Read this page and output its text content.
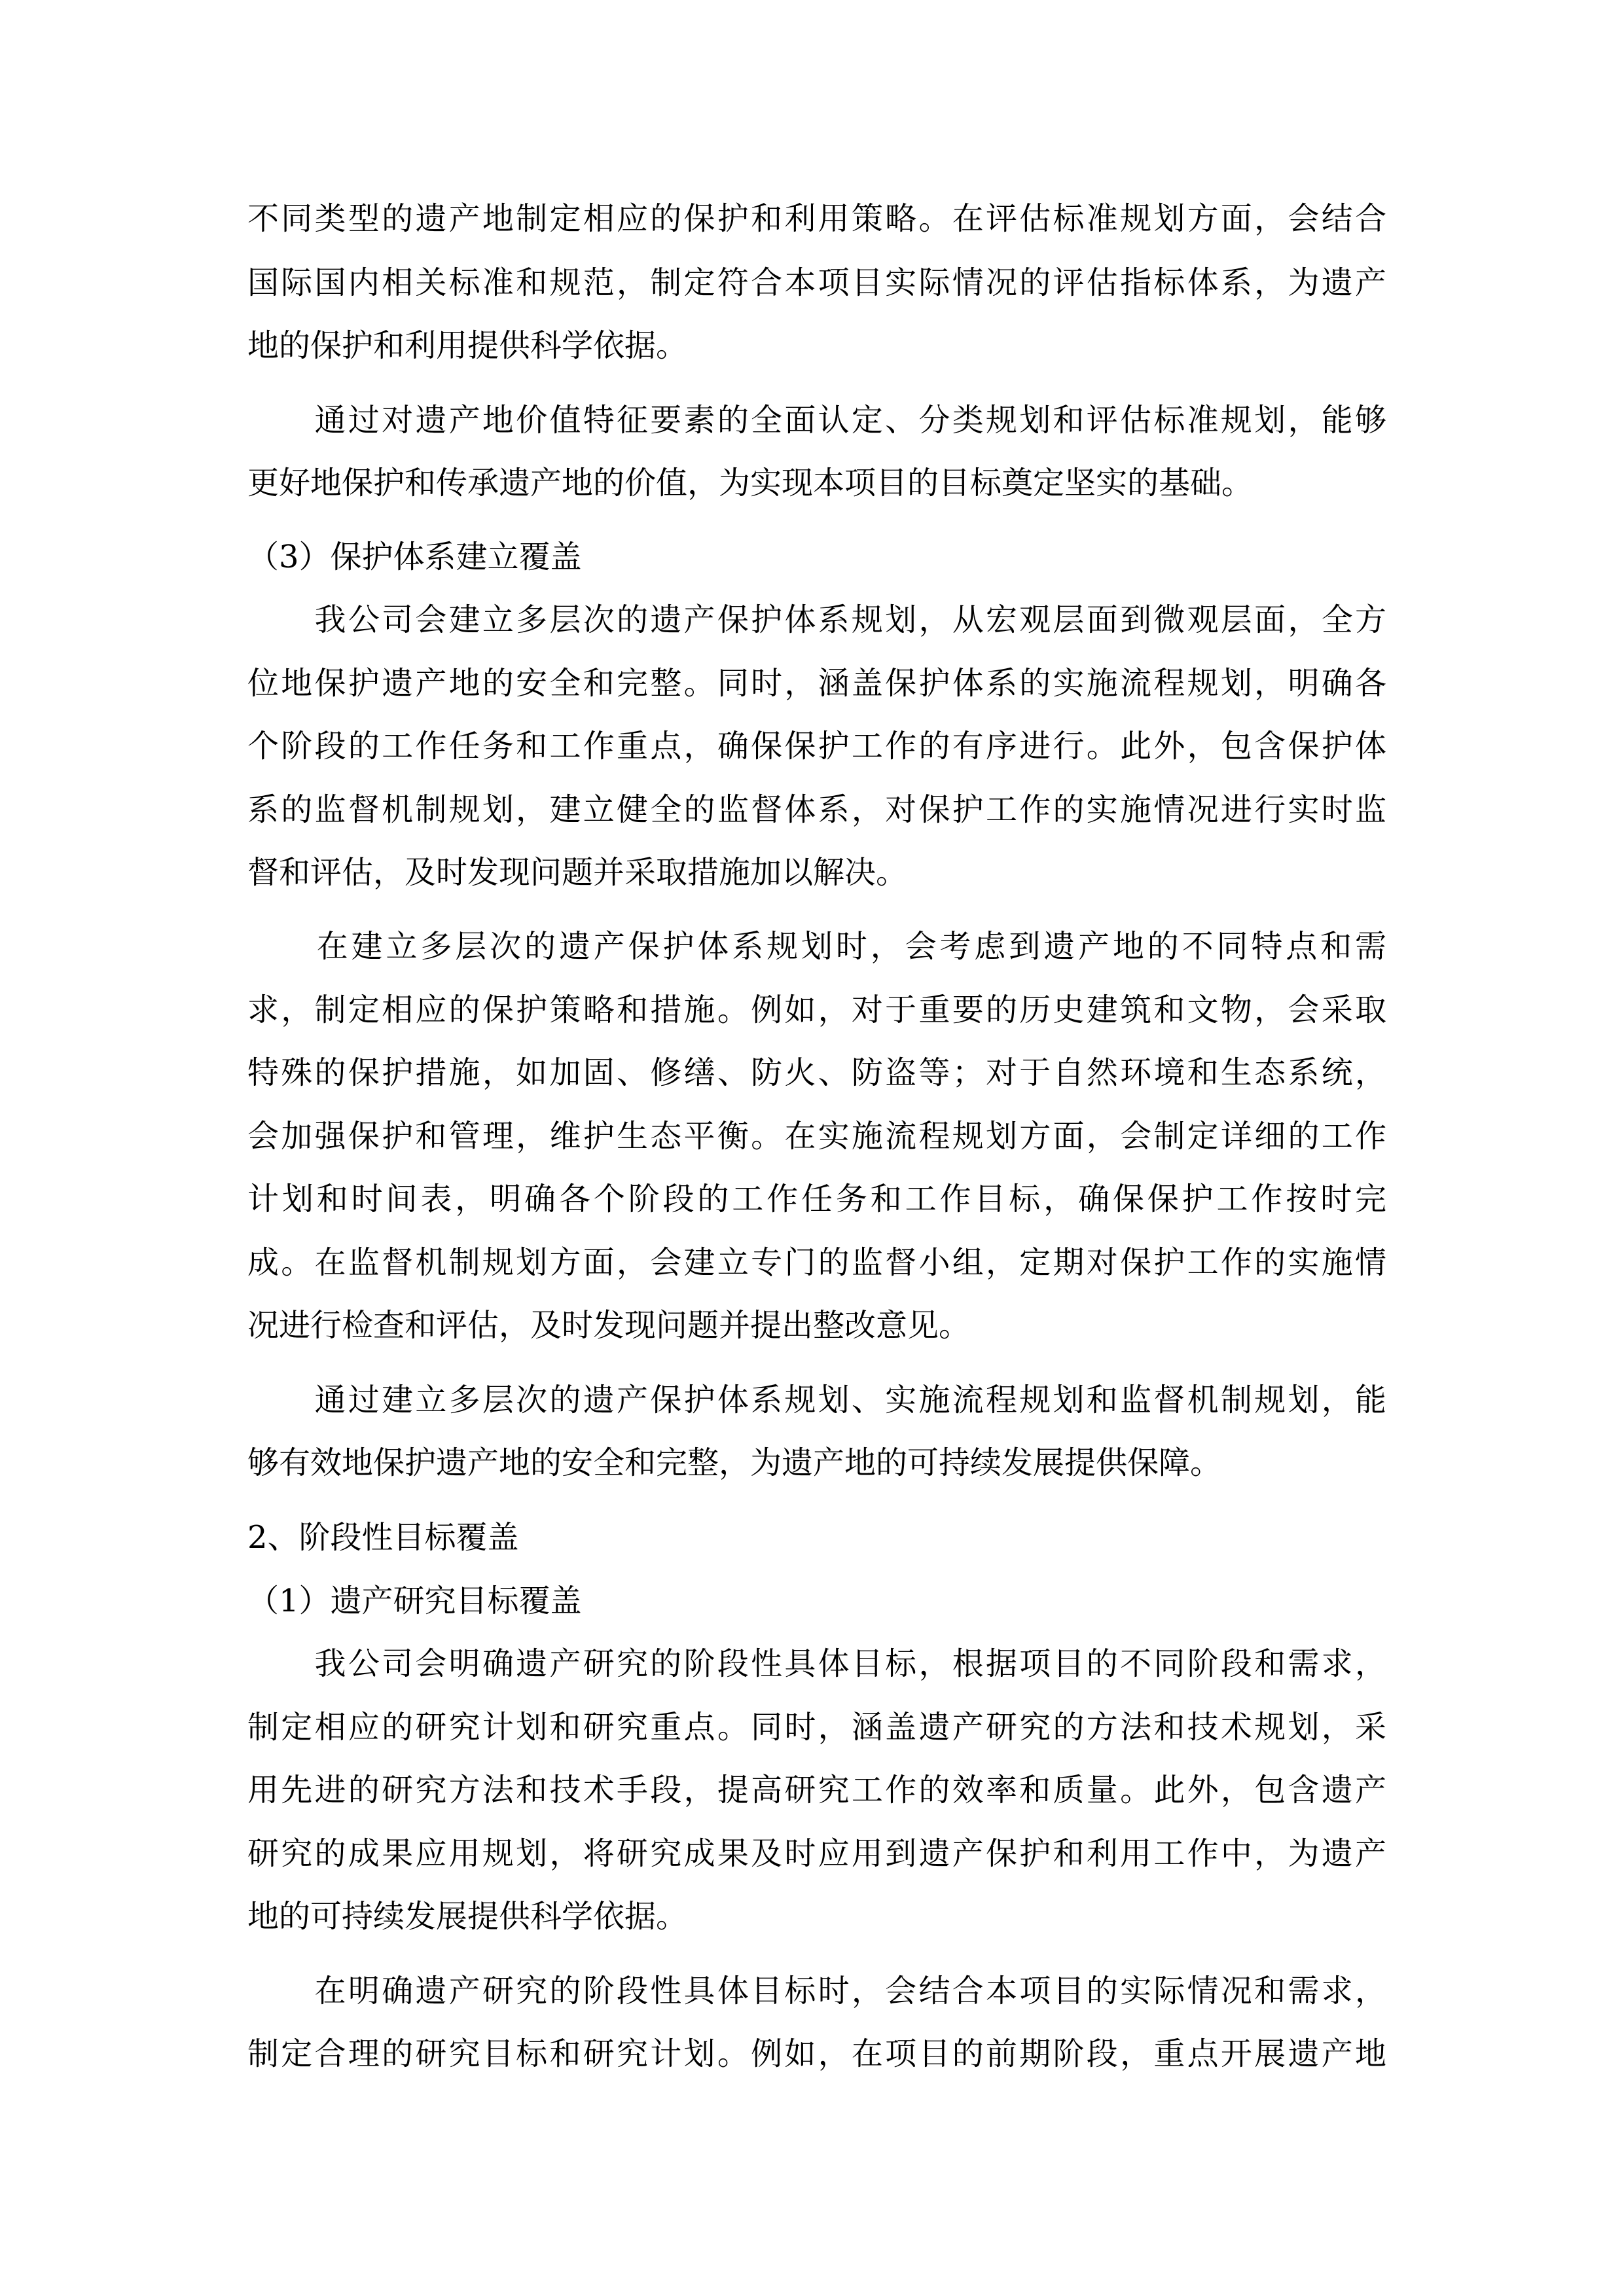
不同类型的遗产地制定相应的保护和利用策略。在评估标准规划方面，会结合

国际国内相关标准和规范，制定符合本项目实际情况的评估指标体系，为遗产

地的保护和利用提供科学依据。

　　通过对遗产地价值特征要素的全面认定、分类规划和评估标准规划，能够

更好地保护和传承遗产地的价值，为实现本项目的目标奠定坚实的基础。

（3）保护体系建立覆盖

　　我公司会建立多层次的遗产保护体系规划，从宏观层面到微观层面，全方

位地保护遗产地的安全和完整。同时，涵盖保护体系的实施流程规划，明确各

个阶段的工作任务和工作重点，确保保护工作的有序进行。此外，包含保护体

系的监督机制规划，建立健全的监督体系，对保护工作的实施情况进行实时监

督和评估，及时发现问题并采取措施加以解决。

　　在建立多层次的遗产保护体系规划时，会考虑到遗产地的不同特点和需

求，制定相应的保护策略和措施。例如，对于重要的历史建筑和文物，会采取

特殊的保护措施，如加固、修缮、防火、防盗等；对于自然环境和生态系统，

会加强保护和管理，维护生态平衡。在实施流程规划方面，会制定详细的工作

计划和时间表，明确各个阶段的工作任务和工作目标，确保保护工作按时完

成。在监督机制规划方面，会建立专门的监督小组，定期对保护工作的实施情

况进行检查和评估，及时发现问题并提出整改意见。

　　通过建立多层次的遗产保护体系规划、实施流程规划和监督机制规划，能

够有效地保护遗产地的安全和完整，为遗产地的可持续发展提供保障。

2、阶段性目标覆盖

（1）遗产研究目标覆盖

　　我公司会明确遗产研究的阶段性具体目标，根据项目的不同阶段和需求，

制定相应的研究计划和研究重点。同时，涵盖遗产研究的方法和技术规划，采

用先进的研究方法和技术手段，提高研究工作的效率和质量。此外，包含遗产

研究的成果应用规划，将研究成果及时应用到遗产保护和利用工作中，为遗产

地的可持续发展提供科学依据。

　　在明确遗产研究的阶段性具体目标时，会结合本项目的实际情况和需求，

制定合理的研究目标和研究计划。例如，在项目的前期阶段，重点开展遗产地
